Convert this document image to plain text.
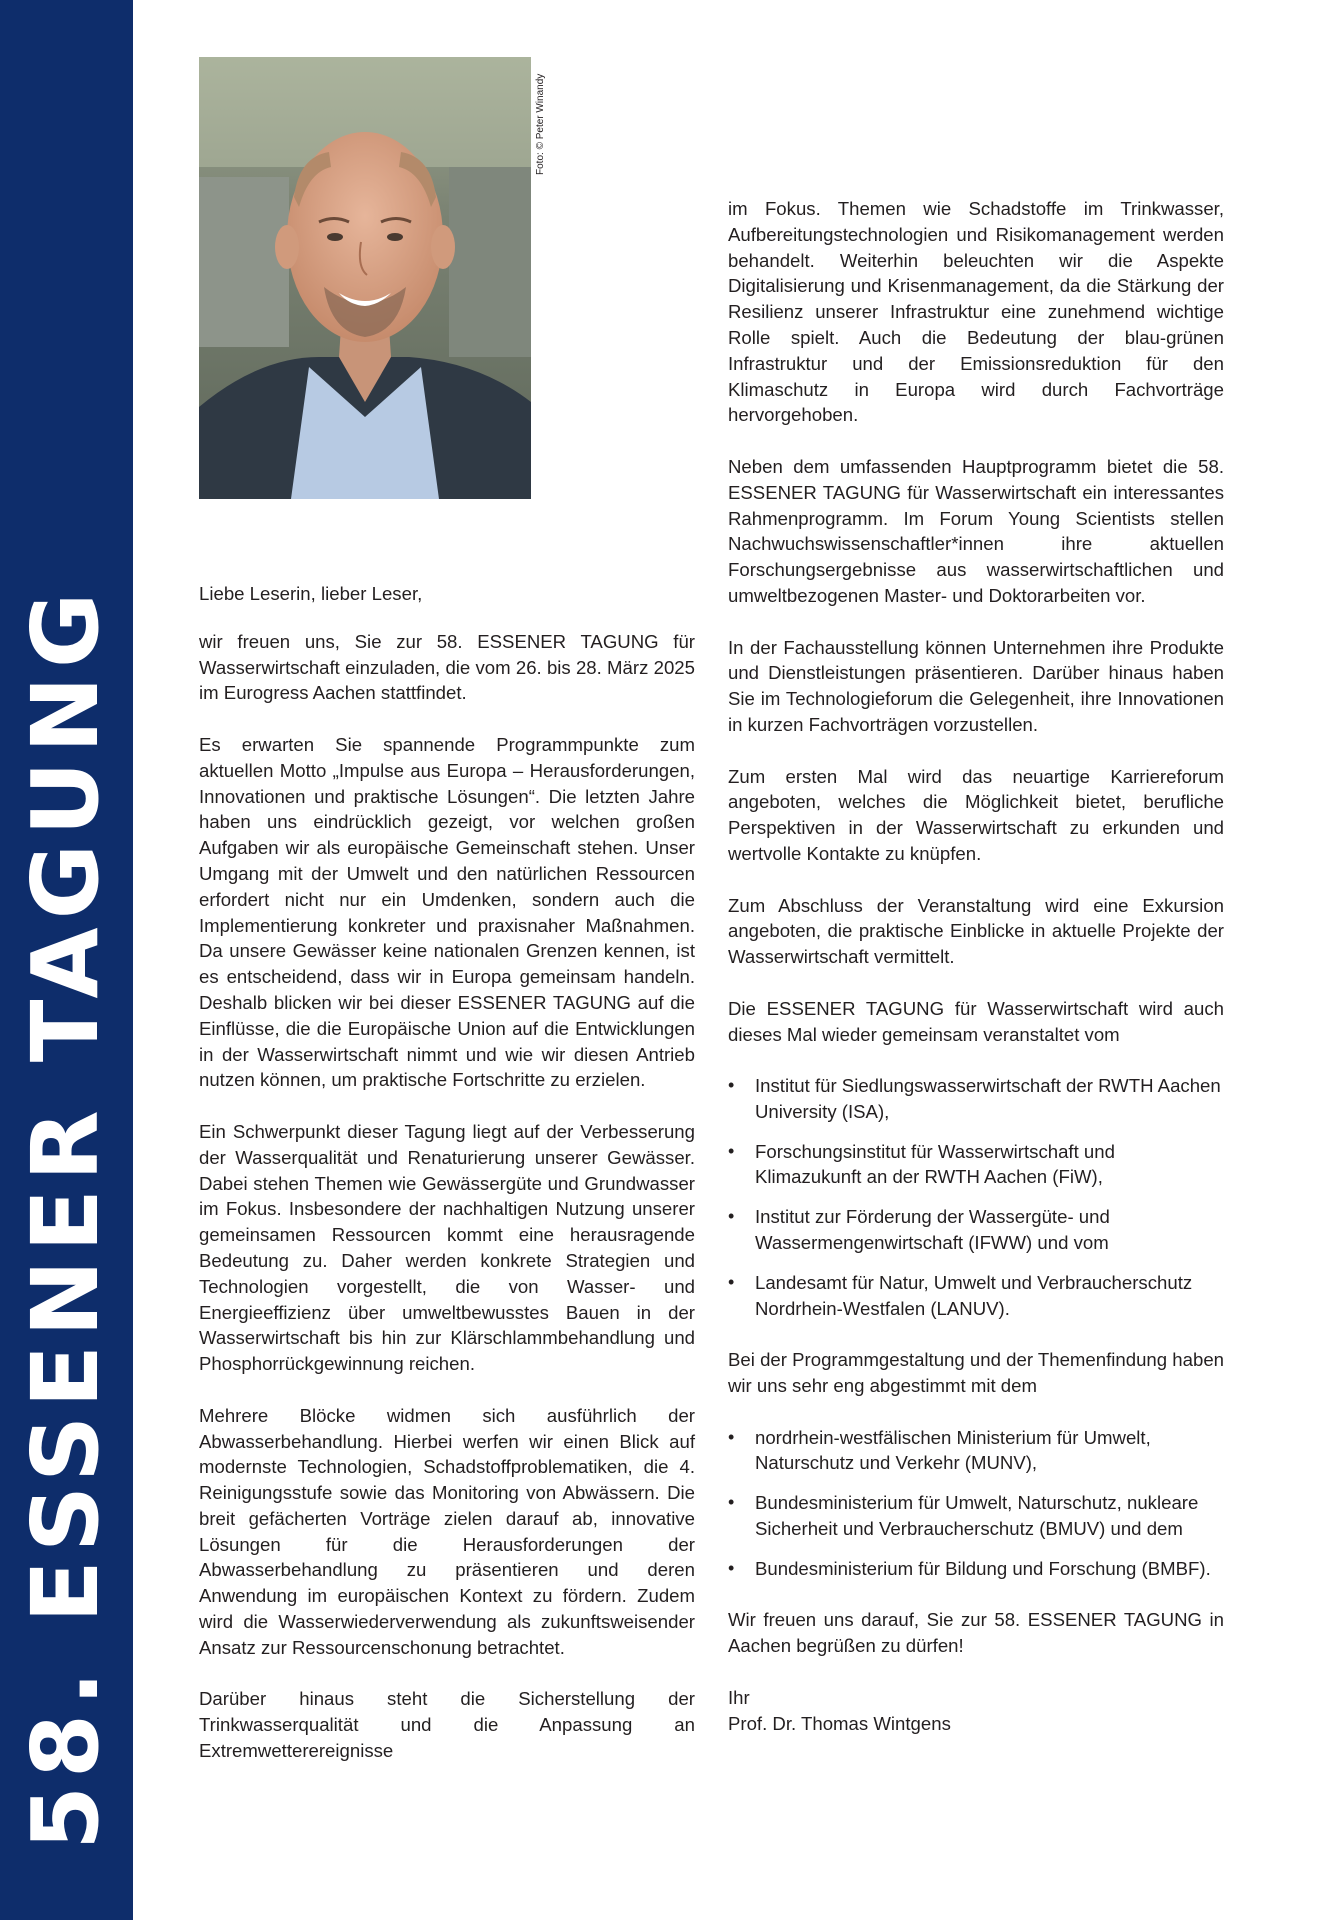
58. ESSENER TAGUNG
Foto: © Peter Winandy

Liebe Leserin, lieber Leser,

wir freuen uns, Sie zur 58. ESSENER TAGUNG für Wasserwirtschaft einzuladen, die vom 26. bis 28. März 2025 im Eurogress Aachen stattfindet.

Es erwarten Sie spannende Programmpunkte zum aktuellen Motto „Impulse aus Europa – Herausforderungen, Innovationen und praktische Lösungen“. Die letzten Jahre haben uns eindrücklich gezeigt, vor welchen großen Aufgaben wir als europäische Gemeinschaft stehen. Unser Umgang mit der Umwelt und den natürlichen Ressourcen erfordert nicht nur ein Umdenken, sondern auch die Implementierung konkreter und praxisnaher Maßnahmen. Da unsere Gewässer keine nationalen Grenzen kennen, ist es entscheidend, dass wir in Europa gemeinsam handeln. Deshalb blicken wir bei dieser ESSENER TAGUNG auf die Einflüsse, die die Europäische Union auf die Entwicklungen in der Wasserwirtschaft nimmt und wie wir diesen Antrieb nutzen können, um praktische Fortschritte zu erzielen.

Ein Schwerpunkt dieser Tagung liegt auf der Verbesserung der Wasserqualität und Renaturierung unserer Gewässer. Dabei stehen Themen wie Gewässergüte und Grundwasser im Fokus. Insbesondere der nachhaltigen Nutzung unserer gemeinsamen Ressourcen kommt eine herausragende Bedeutung zu. Daher werden konkrete Strategien und Technologien vorgestellt, die von Wasser- und Energieeffizienz über umweltbewusstes Bauen in der Wasserwirtschaft bis hin zur Klärschlammbehandlung und Phosphorrückgewinnung reichen.

Mehrere Blöcke widmen sich ausführlich der Abwasserbehandlung. Hierbei werfen wir einen Blick auf modernste Technologien, Schadstoffproblematiken, die 4. Reinigungsstufe sowie das Monitoring von Abwässern. Die breit gefächerten Vorträge zielen darauf ab, innovative Lösungen für die Herausforderungen der Abwasserbehandlung zu präsentieren und deren Anwendung im europäischen Kontext zu fördern. Zudem wird die Wasserwiederverwendung als zukunftsweisender Ansatz zur Ressourcenschonung betrachtet.

Darüber hinaus steht die Sicherstellung der Trinkwasserqualität und die Anpassung an Extremwetterereignisse

im Fokus. Themen wie Schadstoffe im Trinkwasser, Aufbereitungstechnologien und Risikomanagement werden behandelt. Weiterhin beleuchten wir die Aspekte Digitalisierung und Krisenmanagement, da die Stärkung der Resilienz unserer Infrastruktur eine zunehmend wichtige Rolle spielt. Auch die Bedeutung der blau-grünen Infrastruktur und der Emissionsreduktion für den Klimaschutz in Europa wird durch Fachvorträge hervorgehoben.

Neben dem umfassenden Hauptprogramm bietet die 58. ESSENER TAGUNG für Wasserwirtschaft ein interessantes Rahmenprogramm. Im Forum Young Scientists stellen Nachwuchswissenschaftler*innen ihre aktuellen Forschungsergebnisse aus wasserwirtschaftlichen und umweltbezogenen Master- und Doktorarbeiten vor.

In der Fachausstellung können Unternehmen ihre Produkte und Dienstleistungen präsentieren. Darüber hinaus haben Sie im Technologieforum die Gelegenheit, ihre Innovationen in kurzen Fachvorträgen vorzustellen.

Zum ersten Mal wird das neuartige Karriereforum angeboten, welches die Möglichkeit bietet, berufliche Perspektiven in der Wasserwirtschaft zu erkunden und wertvolle Kontakte zu knüpfen.

Zum Abschluss der Veranstaltung wird eine Exkursion angeboten, die praktische Einblicke in aktuelle Projekte der Wasserwirtschaft vermittelt.

Die ESSENER TAGUNG für Wasserwirtschaft wird auch dieses Mal wieder gemeinsam veranstaltet vom

• Institut für Siedlungswasserwirtschaft der RWTH Aachen University (ISA),
• Forschungsinstitut für Wasserwirtschaft und Klimazukunft an der RWTH Aachen (FiW),
• Institut zur Förderung der Wassergüte- und Wassermengenwirtschaft (IFWW) und vom
• Landesamt für Natur, Umwelt und Verbraucherschutz Nordrhein-Westfalen (LANUV).

Bei der Programmgestaltung und der Themenfindung haben wir uns sehr eng abgestimmt mit dem

• nordrhein-westfälischen Ministerium für Umwelt, Naturschutz und Verkehr (MUNV),
• Bundesministerium für Umwelt, Naturschutz, nukleare Sicherheit und Verbraucherschutz (BMUV) und dem
• Bundesministerium für Bildung und Forschung (BMBF).

Wir freuen uns darauf, Sie zur 58. ESSENER TAGUNG in Aachen begrüßen zu dürfen!

Ihr

Prof. Dr. Thomas Wintgens
